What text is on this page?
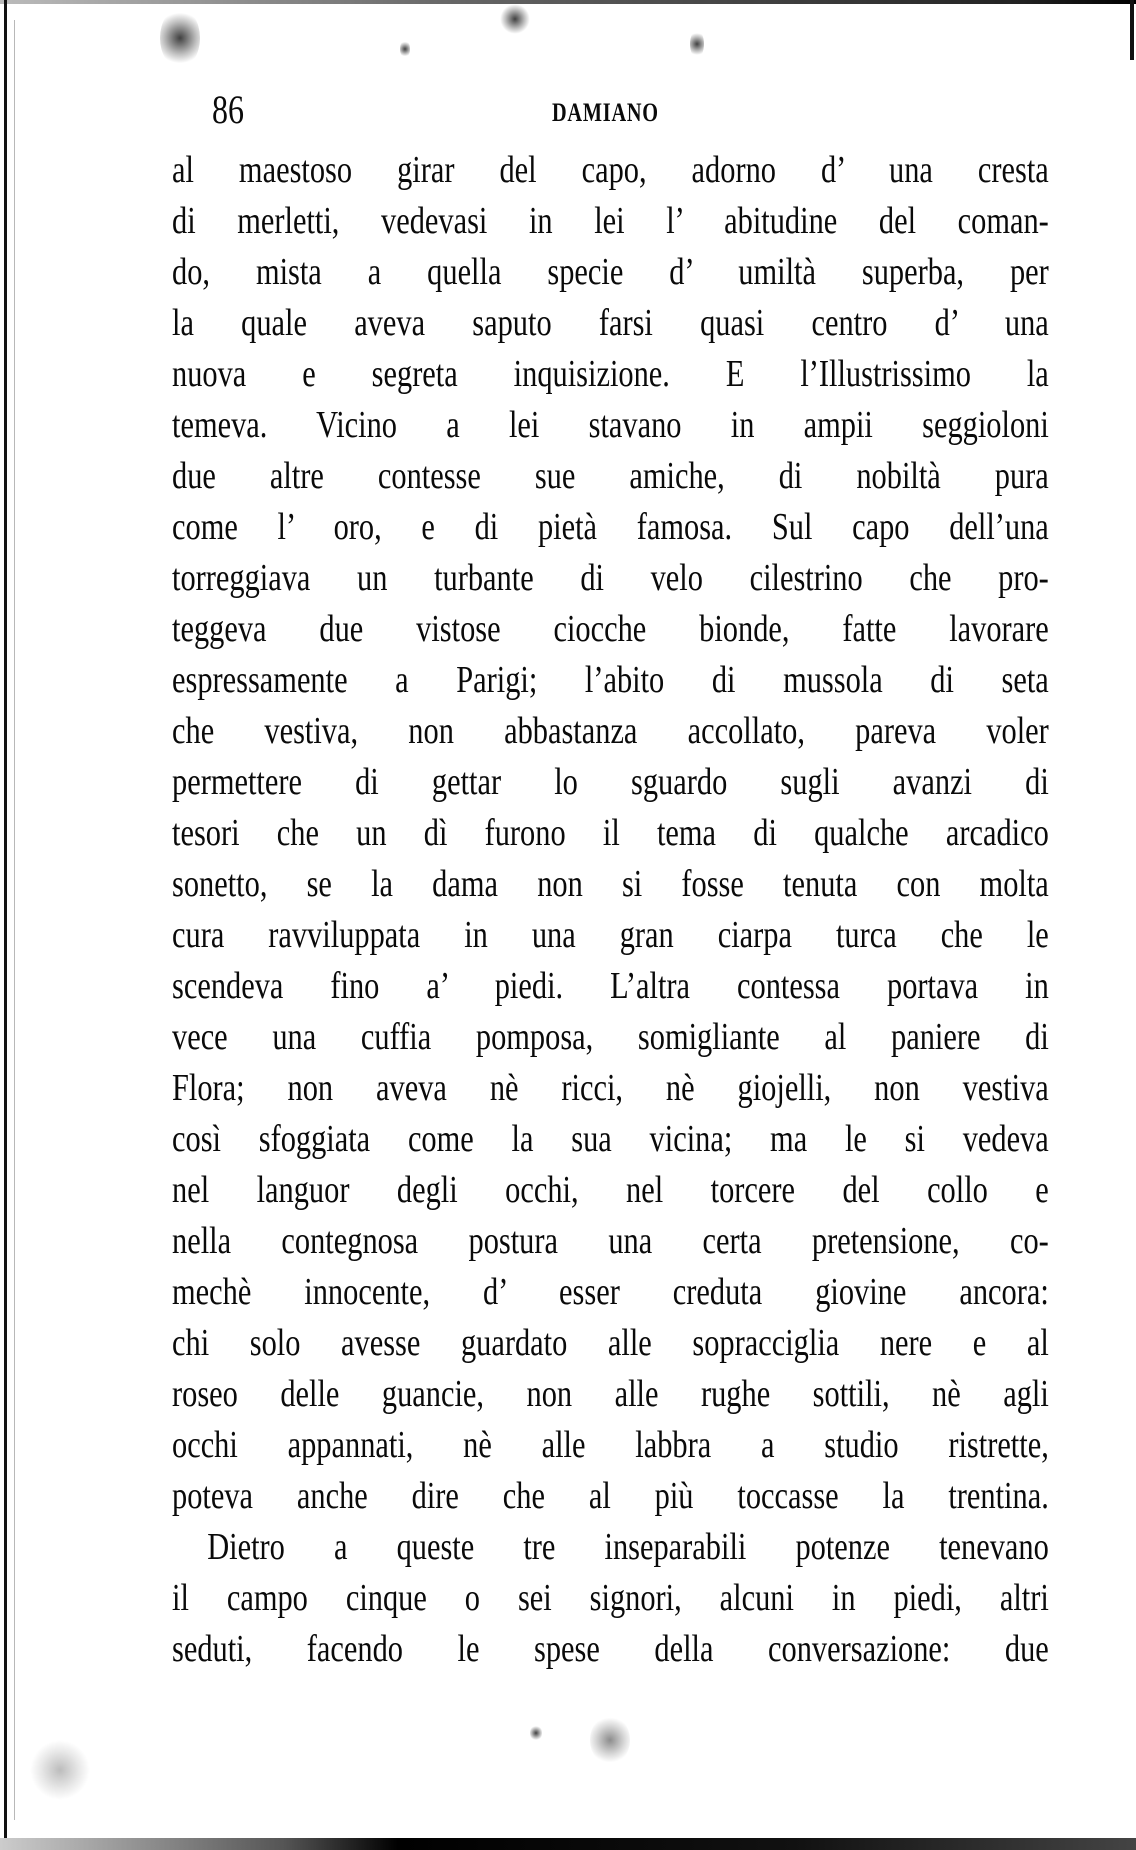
86	DAMIANO
al maestoso girar del capo, adorno d’ una cresta
di merletti, vedevasi in lei l’ abitudine del coman-
do, mista a quella specie d’ umiltà superba, per
la quale aveva saputo farsi quasi centro d’ una
nuova e segreta inquisizione. E l’Illustrissimo la
temeva. Vicino a lei stavano in ampii seggioloni
due altre contesse sue amiche, di nobiltà pura
come l’ oro, e di pietà famosa. Sul capo dell’una
torreggiava un turbante di velo cilestrino che pro-
teggeva due vistose ciocche bionde, fatte lavorare
espressamente a Parigi; l’abito di mussola di seta
che vestiva, non abbastanza accollato, pareva voler
permettere di gettar lo sguardo sugli avanzi di
tesori che un dì furono il tema di qualche arcadico
sonetto, se la dama non si fosse tenuta con molta
cura ravviluppata in una gran ciarpa turca che le
scendeva fino a’ piedi. L’altra contessa portava in
vece una cuffia pomposa, somigliante al paniere di
Flora; non aveva nè ricci, nè giojelli, non vestiva
così sfoggiata come la sua vicina; ma le si vedeva
nel languor degli occhi, nel torcere del collo e
nella contegnosa postura una certa pretensione, co-
mechè innocente, d’ esser creduta giovine ancora:
chi solo avesse guardato alle sopracciglia nere e al
roseo delle guancie, non alle rughe sottili, nè agli
occhi appannati, nè alle labbra a studio ristrette,
poteva anche dire che al più toccasse la trentina.
Dietro a queste tre inseparabili potenze tenevano
il campo cinque o sei signori, alcuni in piedi, altri
seduti, facendo le spese della conversazione: due
